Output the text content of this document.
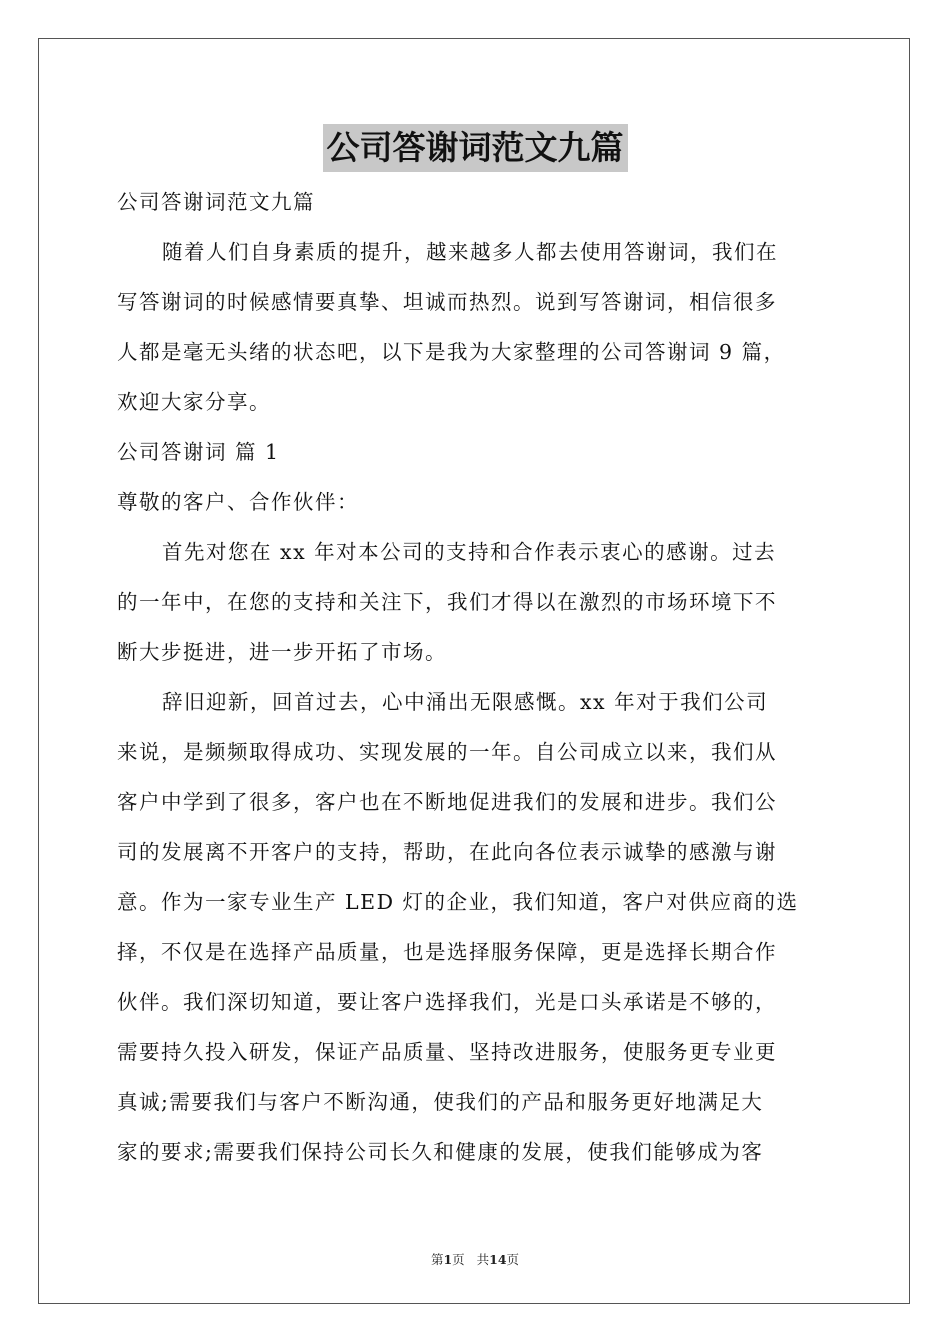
公司答谢词范文九篇
公司答谢词范文九篇
随着人们自身素质的提升，越来越多人都去使用答谢词，我们在
写答谢词的时候感情要真挚、坦诚而热烈。说到写答谢词，相信很多
人都是毫无头绪的状态吧，以下是我为大家整理的公司答谢词 9 篇，
欢迎大家分享。
公司答谢词 篇 1
尊敬的客户、合作伙伴：
首先对您在 xx 年对本公司的支持和合作表示衷心的感谢。过去
的一年中，在您的支持和关注下，我们才得以在激烈的市场环境下不
断大步挺进，进一步开拓了市场。
辞旧迎新，回首过去，心中涌出无限感慨。xx 年对于我们公司
来说，是频频取得成功、实现发展的一年。自公司成立以来，我们从
客户中学到了很多，客户也在不断地促进我们的发展和进步。我们公
司的发展离不开客户的支持，帮助，在此向各位表示诚挚的感激与谢
意。作为一家专业生产 LED 灯的企业，我们知道，客户对供应商的选
择，不仅是在选择产品质量，也是选择服务保障，更是选择长期合作
伙伴。我们深切知道，要让客户选择我们，光是口头承诺是不够的，
需要持久投入研发，保证产品质量、坚持改进服务，使服务更专业更
真诚;需要我们与客户不断沟通，使我们的产品和服务更好地满足大
家的要求;需要我们保持公司长久和健康的发展，使我们能够成为客
第1页 共14页
